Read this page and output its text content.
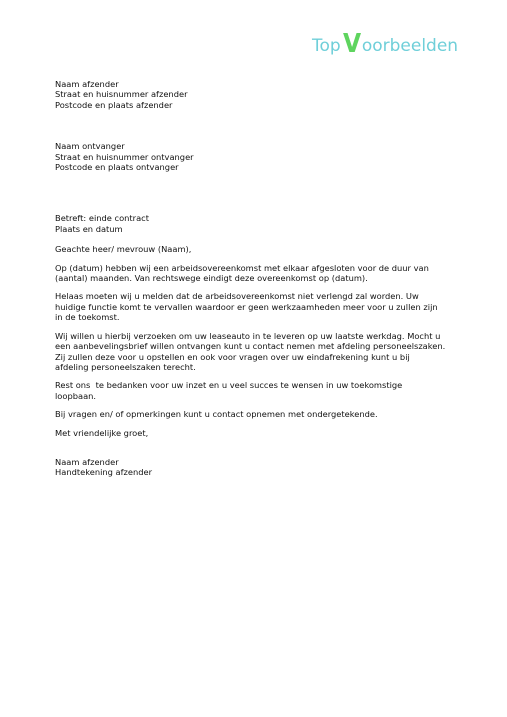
Top V oorbeelden

Naam afzender

Straat en huisnummer afzender

Postcode en plaats afzender

Naam ontvanger

Straat en huisnummer ontvanger

Postcode en plaats ontvanger

Betreft: einde contract

Plaats en datum

Geachte heer/ mevrouw (Naam),

Op (datum) hebben wij een arbeidsovereenkomst met elkaar afgesloten voor de duur van
(aantal) maanden. Van rechtswege eindigt deze overeenkomst op (datum).

Helaas moeten wij u melden dat de arbeidsovereenkomst niet verlengd zal worden. Uw
huidige functie komt te vervallen waardoor er geen werkzaamheden meer voor u zullen zijn
in de toekomst.

Wij willen u hierbij verzoeken om uw leaseauto in te leveren op uw laatste werkdag. Mocht u
een aanbevelingsbrief willen ontvangen kunt u contact nemen met afdeling personeelszaken.
Zij zullen deze voor u opstellen en ook voor vragen over uw eindafrekening kunt u bij
afdeling personeelszaken terecht.

Rest ons  te bedanken voor uw inzet en u veel succes te wensen in uw toekomstige
loopbaan.

Bij vragen en/ of opmerkingen kunt u contact opnemen met ondergetekende.

Met vriendelijke groet,

Naam afzender

Handtekening afzender
